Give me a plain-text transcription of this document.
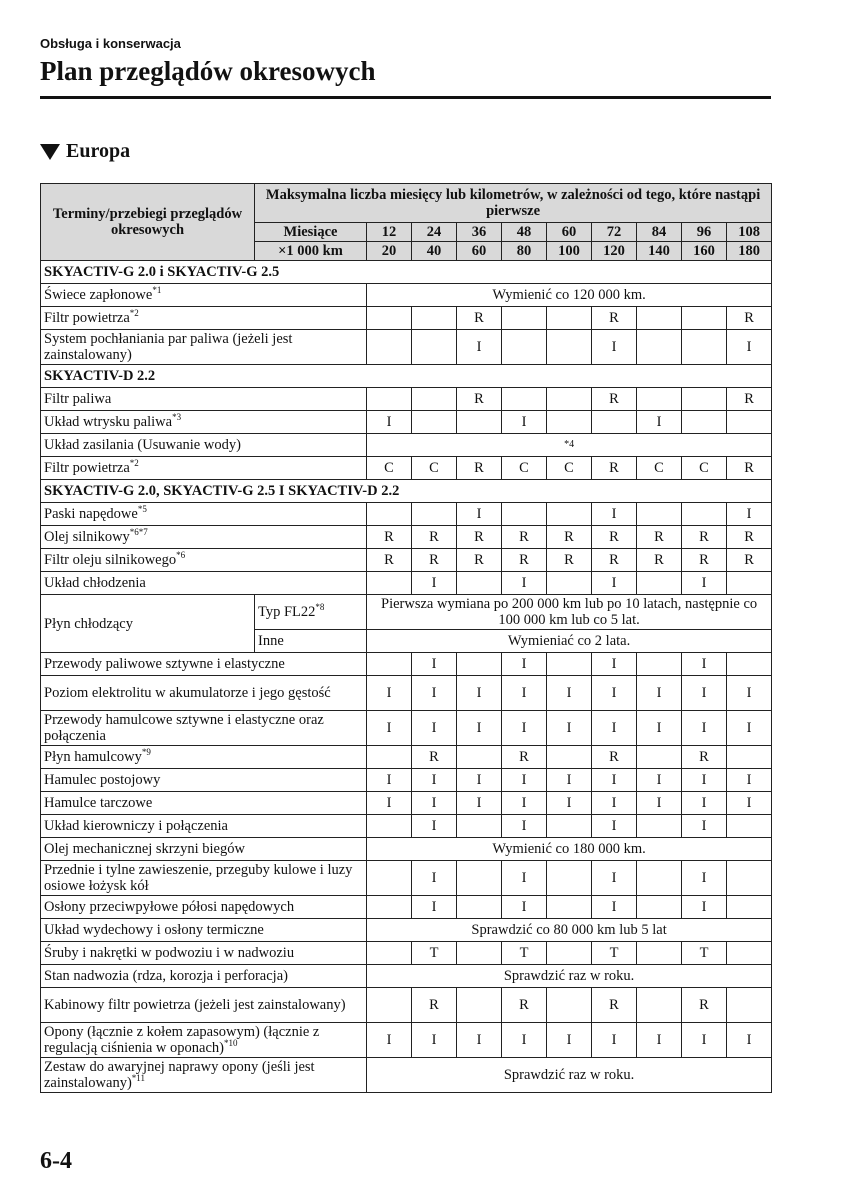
Obsługa i konserwacja
Plan przeglądów okresowych
Europa
Terminy/przebiegi przeglądów okresowych	Maksymalna liczba miesięcy lub kilometrów, w zależności od tego, które nastąpi pierwsze									
	Miesiące	12	24	36	48	60	72	84	96	108
	×1 000 km	20	40	60	80	100	120	140	160	180
SKYACTIV-G 2.0 i SKYACTIV-G 2.5										
Świece zapłonowe$^{*1}$		Wymienić co 120 000 km.								
Filtr powietrza$^{*2}$				R			R			R
System pochłaniania par paliwa (jeżeli jest zainstalowany)				I			I			I
SKYACTIV-D 2.2										
Filtr paliwa				R			R			R
Układ wtrysku paliwa$^{*3}$		I			I			I		
Układ zasilania (Usuwanie wody)		*4								
Filtr powietrza$^{*2}$		C	C	R	C	C	R	C	C	R
SKYACTIV-G 2.0, SKYACTIV-G 2.5 I SKYACTIV-D 2.2										
Paski napędowe$^{*5}$				I			I			I
Olej silnikowy$^{*6*7}$		R	R	R	R	R	R	R	R	R
Filtr oleju silnikowego$^{*6}$		R	R	R	R	R	R	R	R	R
Układ chłodzenia			I		I		I		I	
Płyn chłodzący	Typ FL22$^{*8}$	Pierwsza wymiana po 200 000 km lub po 10 latach, następnie co 100 000 km lub co 5 lat.								
	Inne	Wymieniać co 2 lata.								
Przewody paliwowe sztywne i elastyczne			I		I		I		I	
Poziom elektrolitu w akumulatorze i jego gęstość		I	I	I	I	I	I	I	I	I
Przewody hamulcowe sztywne i elastyczne oraz połączenia		I	I	I	I	I	I	I	I	I
Płyn hamulcowy$^{*9}$			R		R		R		R	
Hamulec postojowy		I	I	I	I	I	I	I	I	I
Hamulce tarczowe		I	I	I	I	I	I	I	I	I
Układ kierowniczy i połączenia			I		I		I		I	
Olej mechanicznej skrzyni biegów		Wymienić co 180 000 km.								
Przednie i tylne zawieszenie, przeguby kulowe i luzy osiowe łożysk kół			I		I		I		I	
Osłony przeciwpyłowe półosi napędowych			I		I		I		I	
Układ wydechowy i osłony termiczne		Sprawdzić co 80 000 km lub 5 lat								
Śruby i nakrętki w podwoziu i w nadwoziu			T		T		T		T	
Stan nadwozia (rdza, korozja i perforacja)		Sprawdzić raz w roku.								
Kabinowy filtr powietrza (jeżeli jest zainstalowany)			R		R		R		R	
Opony (łącznie z kołem zapasowym) (łącznie z regulacją ciśnienia w oponach)$^{*10}$		I	I	I	I	I	I	I	I	I
Zestaw do awaryjnej naprawy opony (jeśli jest zainstalowany)$^{*11}$		Sprawdzić raz w roku.								
6-4
